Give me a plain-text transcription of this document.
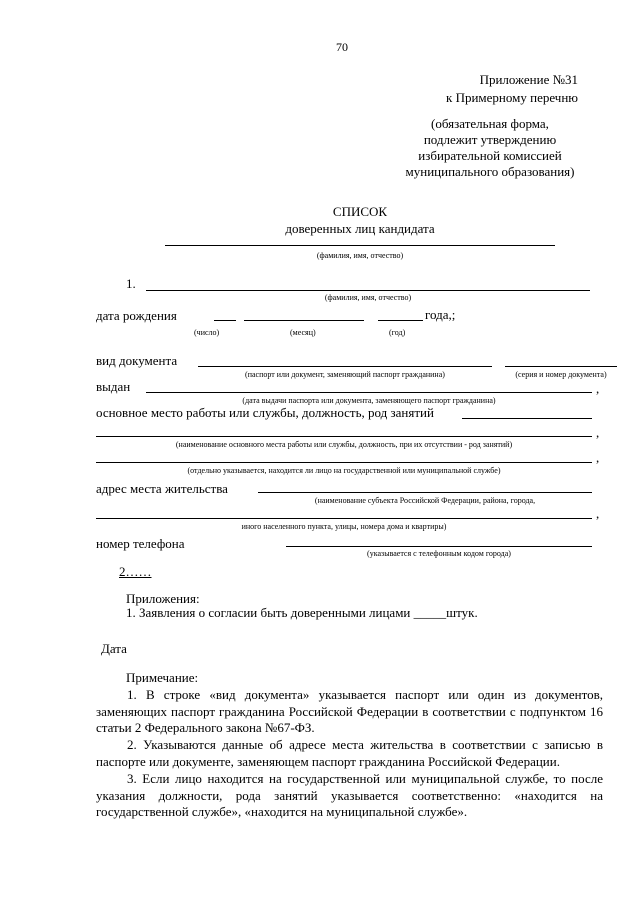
70
Приложение №31
к Примерному перечню
(обязательная форма,
подлежит утверждению
избирательной комиссией
муниципального образования)
СПИСОК
доверенных лиц кандидата
(фамилия, имя, отчество)
1.
(фамилия, имя, отчество)
дата рождения	года,;
(число)	(месяц)	(год)
вид документа
(паспорт или документ, заменяющий паспорт гражданина)	(серия и номер документа)
выдан	,
(дата выдачи паспорта или документа, заменяющего паспорт гражданина)
основное место работы или службы, должность, род занятий
,
(наименование основного места работы или службы, должность, при их отсутствии - род занятий)
,
(отдельно указывается, находится ли лицо на государственной или муниципальной службе)
адрес места жительства
(наименование субъекта Российской Федерации, района, города,
,
иного населенного пункта, улицы, номера дома и квартиры)
номер телефона
(указывается с телефонным кодом города)
2……
Приложения:
1. Заявления о согласии быть доверенными лицами _____штук.
Дата
Примечание:
1. В строке «вид документа» указывается паспорт или один из документов,
заменяющих паспорт гражданина Российской Федерации в соответствии с подпунктом 16
статьи 2 Федерального закона №67-ФЗ.
2. Указываются данные об адресе места жительства в соответствии с записью в
паспорте или документе, заменяющем паспорт гражданина Российской Федерации.
3. Если лицо находится на государственной или муниципальной службе, то после
указания должности, рода занятий указывается соответственно: «находится на
государственной службе», «находится на муниципальной службе».
